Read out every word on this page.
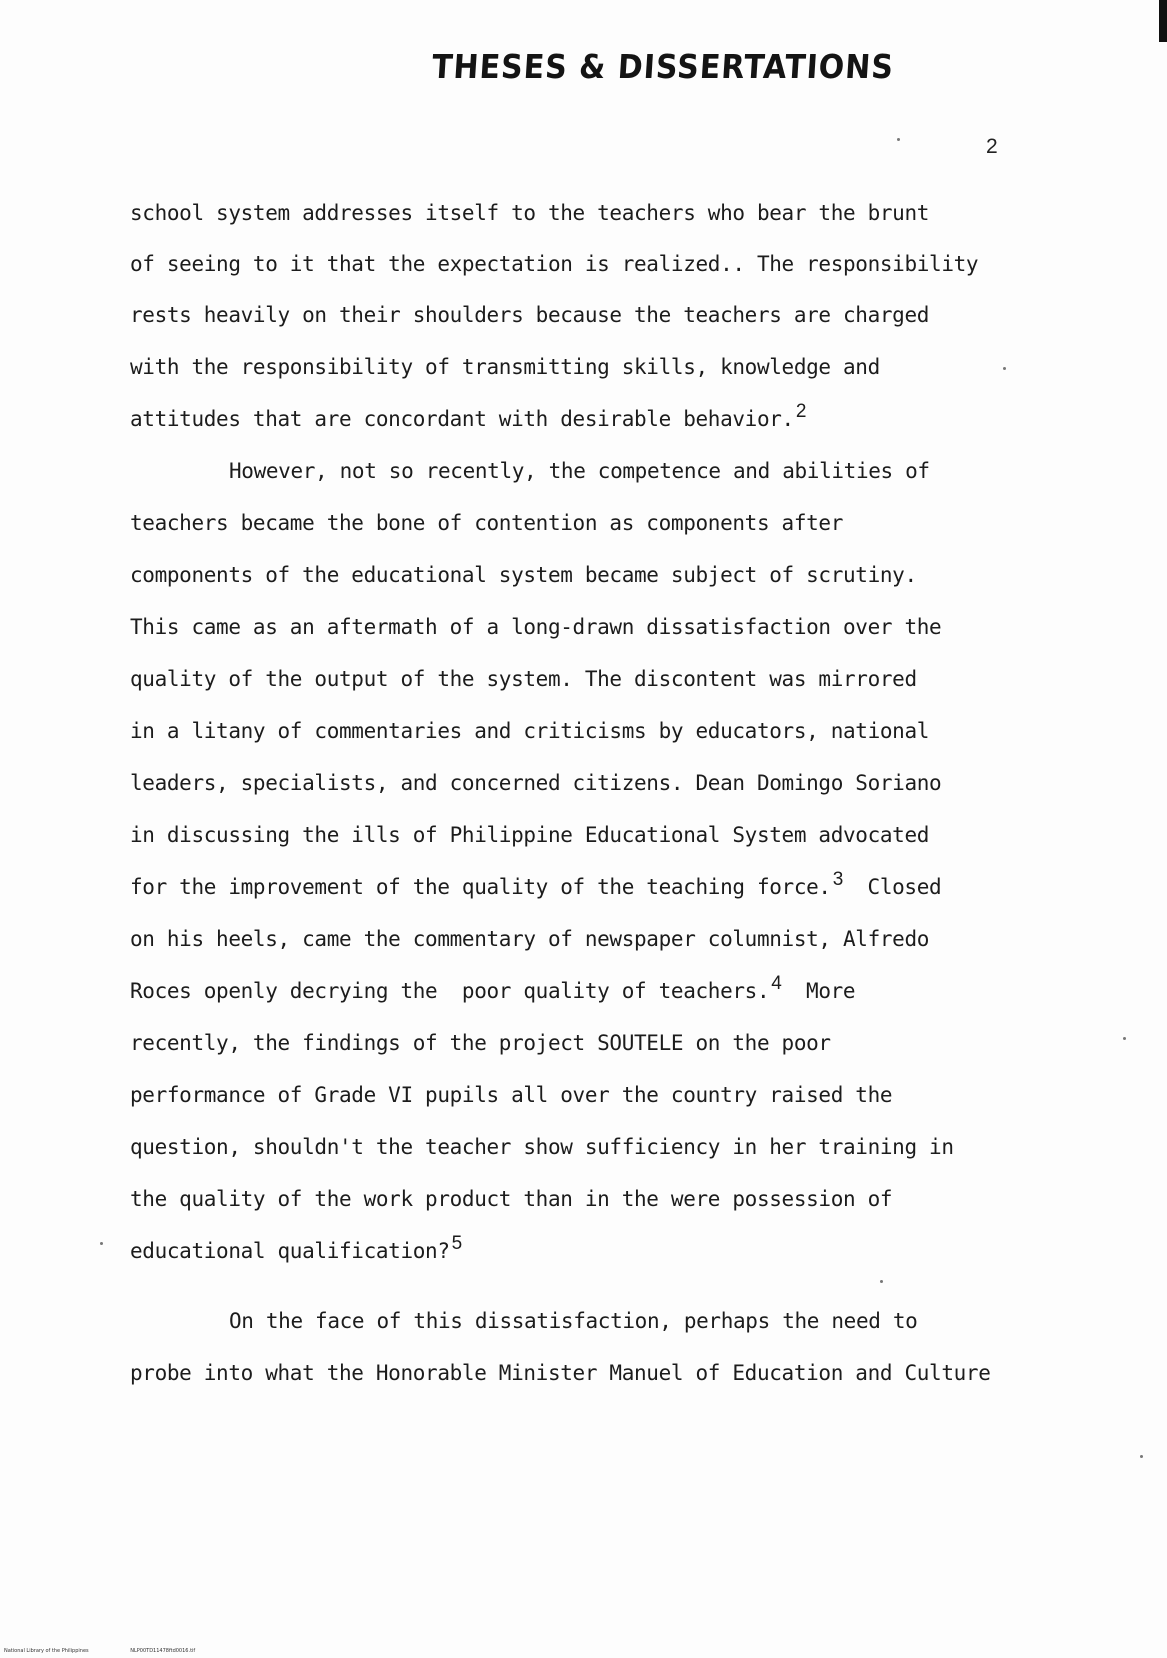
THESES & DISSERTATIONS
2
school system addresses itself to the teachers who bear the brunt
of seeing to it that the expectation is realized.. The responsibility
rests heavily on their shoulders because the teachers are charged
with the responsibility of transmitting skills, knowledge and
attitudes that are concordant with desirable behavior. $^2$
However, not so recently, the competence and abilities of
teachers became the bone of contention as components after
components of the educational system became subject of scrutiny.
This came as an aftermath of a long-drawn dissatisfaction over the
quality of the output of the system. The discontent was mirrored
in a litany of commentaries and criticisms by educators, national
leaders, specialists, and concerned citizens. Dean Domingo Soriano
in discussing the ills of Philippine Educational System advocated
for the improvement of the quality of the teaching force. $^3$  Closed
on his heels, came the commentary of newspaper columnist, Alfredo
Roces openly decrying the  poor quality of teachers. $^4$  More
recently, the findings of the project SOUTELE on the poor
performance of Grade VI pupils all over the country raised the
question, shouldn't the teacher show sufficiency in her training in
the quality of the work product than in the were possession of
educational qualification? $^5$
On the face of this dissatisfaction, perhaps the need to
probe into what the Honorable Minister Manuel of Education and Culture
National Library of the Philippines	NLP00TD11478ftd0016.tif
